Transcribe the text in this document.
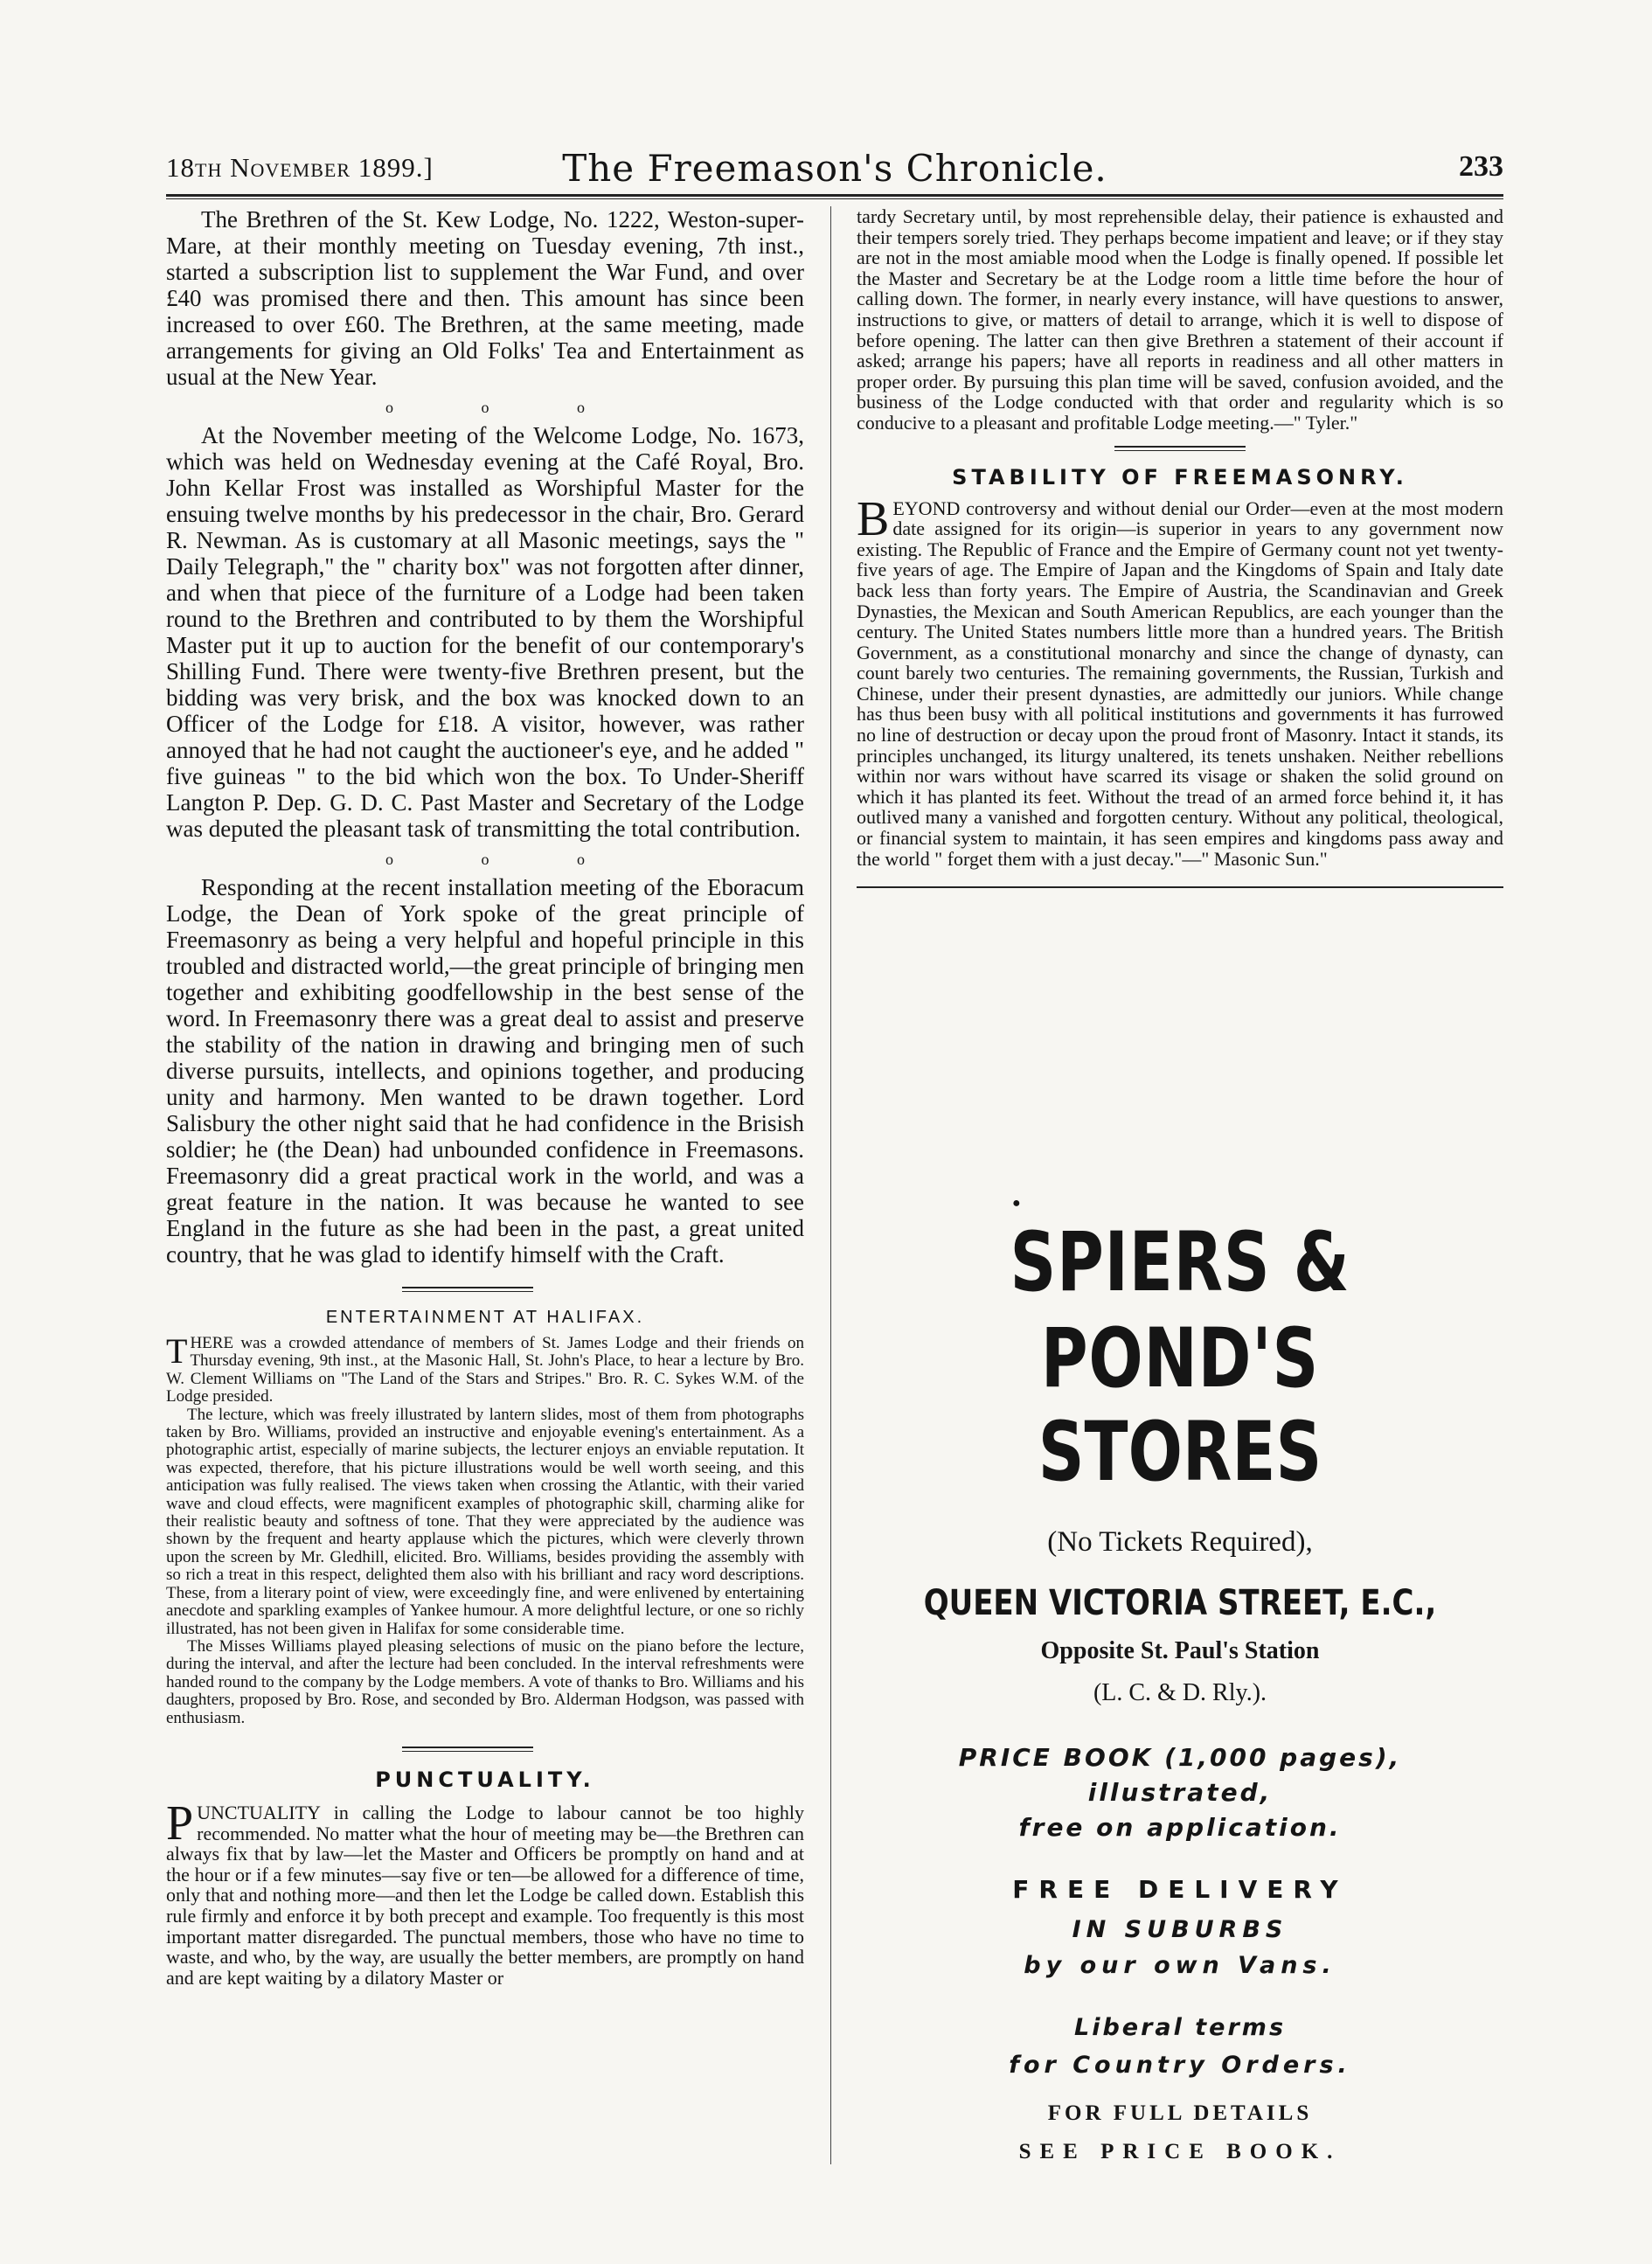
18th November 1899.]	The Freemason's Chronicle.	233

The Brethren of the St. Kew Lodge, No. 1222, Weston-super-Mare, at their monthly meeting on Tuesday evening, 7th inst., started a subscription list to supplement the War Fund, and over £40 was promised there and then. This amount has since been increased to over £60. The Brethren, at the same meeting, made arrangements for giving an Old Folks' Tea and Entertainment as usual at the New Year.

o o o

At the November meeting of the Welcome Lodge, No. 1673, which was held on Wednesday evening at the Café Royal, Bro. John Kellar Frost was installed as Worshipful Master for the ensuing twelve months by his predecessor in the chair, Bro. Gerard R. Newman. As is customary at all Masonic meetings, says the " Daily Telegraph," the " charity box" was not forgotten after dinner, and when that piece of the furniture of a Lodge had been taken round to the Brethren and contributed to by them the Worshipful Master put it up to auction for the benefit of our contemporary's Shilling Fund. There were twenty-five Brethren present, but the bidding was very brisk, and the box was knocked down to an Officer of the Lodge for £18. A visitor, however, was rather annoyed that he had not caught the auctioneer's eye, and he added " five guineas " to the bid which won the box. To Under-Sheriff Langton P. Dep. G. D. C. Past Master and Secretary of the Lodge was deputed the pleasant task of transmitting the total contribution.

o o o

Responding at the recent installation meeting of the Eboracum Lodge, the Dean of York spoke of the great principle of Freemasonry as being a very helpful and hopeful principle in this troubled and distracted world,—the great principle of bringing men together and exhibiting goodfellowship in the best sense of the word. In Freemasonry there was a great deal to assist and preserve the stability of the nation in drawing and bringing men of such diverse pursuits, intellects, and opinions together, and producing unity and harmony. Men wanted to be drawn together. Lord Salisbury the other night said that he had confidence in the Brisish soldier; he (the Dean) had unbounded confidence in Freemasons. Freemasonry did a great practical work in the world, and was a great feature in the nation. It was because he wanted to see England in the future as she had been in the past, a great united country, that he was glad to identify himself with the Craft.

ENTERTAINMENT AT HALIFAX.

THERE was a crowded attendance of members of St. James Lodge and their friends on Thursday evening, 9th inst., at the Masonic Hall, St. John's Place, to hear a lecture by Bro. W. Clement Williams on "The Land of the Stars and Stripes." Bro. R. C. Sykes W.M. of the Lodge presided.

The lecture, which was freely illustrated by lantern slides, most of them from photographs taken by Bro. Williams, provided an instructive and enjoyable evening's entertainment. As a photographic artist, especially of marine subjects, the lecturer enjoys an enviable reputation. It was expected, therefore, that his picture illustrations would be well worth seeing, and this anticipation was fully realised. The views taken when crossing the Atlantic, with their varied wave and cloud effects, were magnificent examples of photographic skill, charming alike for their realistic beauty and softness of tone. That they were appreciated by the audience was shown by the frequent and hearty applause which the pictures, which were cleverly thrown upon the screen by Mr. Gledhill, elicited. Bro. Williams, besides providing the assembly with so rich a treat in this respect, delighted them also with his brilliant and racy word descriptions. These, from a literary point of view, were exceedingly fine, and were enlivened by entertaining anecdote and sparkling examples of Yankee humour. A more delightful lecture, or one so richly illustrated, has not been given in Halifax for some considerable time.

The Misses Williams played pleasing selections of music on the piano before the lecture, during the interval, and after the lecture had been concluded. In the interval refreshments were handed round to the company by the Lodge members. A vote of thanks to Bro. Williams and his daughters, proposed by Bro. Rose, and seconded by Bro. Alderman Hodgson, was passed with enthusiasm.

PUNCTUALITY.

PUNCTUALITY in calling the Lodge to labour cannot be too highly recommended. No matter what the hour of meeting may be—the Brethren can always fix that by law—let the Master and Officers be promptly on hand and at the hour or if a few minutes—say five or ten—be allowed for a difference of time, only that and nothing more—and then let the Lodge be called down. Establish this rule firmly and enforce it by both precept and example. Too frequently is this most important matter disregarded. The punctual members, those who have no time to waste, and who, by the way, are usually the better members, are promptly on hand and are kept waiting by a dilatory Master or

tardy Secretary until, by most reprehensible delay, their patience is exhausted and their tempers sorely tried. They perhaps become impatient and leave; or if they stay are not in the most amiable mood when the Lodge is finally opened. If possible let the Master and Secretary be at the Lodge room a little time before the hour of calling down. The former, in nearly every instance, will have questions to answer, instructions to give, or matters of detail to arrange, which it is well to dispose of before opening. The latter can then give Brethren a statement of their account if asked; arrange his papers; have all reports in readiness and all other matters in proper order. By pursuing this plan time will be saved, confusion avoided, and the business of the Lodge conducted with that order and regularity which is so conducive to a pleasant and profitable Lodge meeting.—" Tyler."

STABILITY OF FREEMASONRY.

BEYOND controversy and without denial our Order—even at the most modern date assigned for its origin—is superior in years to any government now existing. The Republic of France and the Empire of Germany count not yet twenty-five years of age. The Empire of Japan and the Kingdoms of Spain and Italy date back less than forty years. The Empire of Austria, the Scandinavian and Greek Dynasties, the Mexican and South American Republics, are each younger than the century. The United States numbers little more than a hundred years. The British Government, as a constitutional monarchy and since the change of dynasty, can count barely two centuries. The remaining governments, the Russian, Turkish and Chinese, under their present dynasties, are admittedly our juniors. While change has thus been busy with all political institutions and governments it has furrowed no line of destruction or decay upon the proud front of Masonry. Intact it stands, its principles unchanged, its liturgy unaltered, its tenets unshaken. Neither rebellions within nor wars without have scarred its visage or shaken the solid ground on which it has planted its feet. Without the tread of an armed force behind it, it has outlived many a vanished and forgotten century. Without any political, theological, or financial system to maintain, it has seen empires and kingdoms pass away and the world " forget them with a just decay."—" Masonic Sun."

●
SPIERS & POND'S
STORES
(No Tickets Required),
QUEEN VICTORIA STREET, E.C.,
Opposite St. Paul's Station
(L. C. & D. Rly.).
PRICE BOOK (1,000 pages),
illustrated,
free on application.
FREE DELIVERY
IN SUBURBS
by our own Vans.
Liberal terms
for Country Orders.
FOR FULL DETAILS
SEE PRICE BOOK.
